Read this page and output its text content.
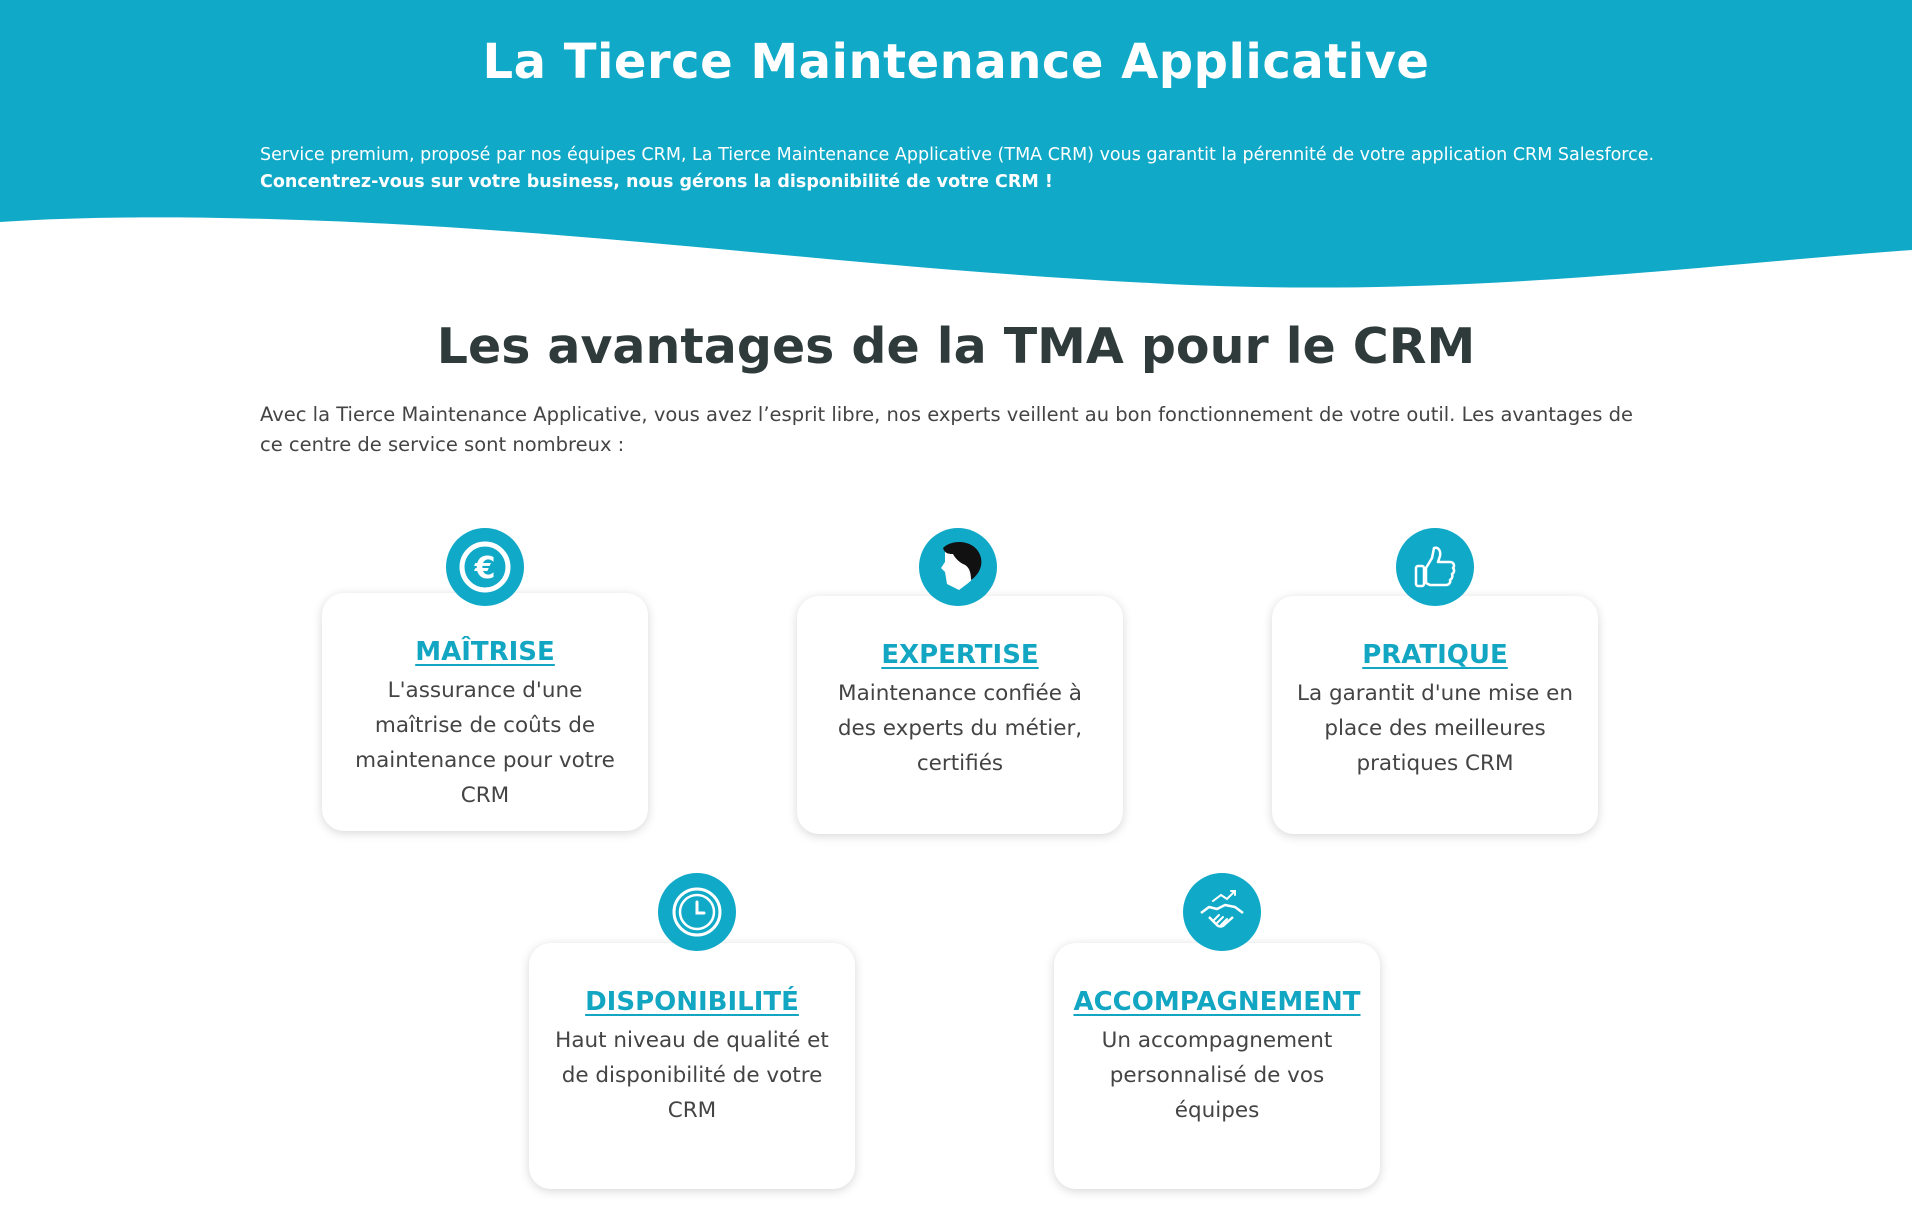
La Tierce Maintenance Applicative

Service premium, proposé par nos équipes CRM, La Tierce Maintenance Applicative (TMA CRM) vous garantit la pérennité de votre application CRM Salesforce.
Concentrez-vous sur votre business, nous gérons la disponibilité de votre CRM !

Les avantages de la TMA pour le CRM

Avec la Tierce Maintenance Applicative, vous avez l’esprit libre, nos experts veillent au bon fonctionnement de votre outil. Les avantages de ce centre de service sont nombreux :

MAÎTRISE
L'assurance d'une maîtrise de coûts de maintenance pour votre CRM
€
EXPERTISE
Maintenance confiée à des experts du métier, certifiés
PRATIQUE
La garantit d'une mise en place des meilleures pratiques CRM
DISPONIBILITÉ
Haut niveau de qualité et de disponibilité de votre CRM
ACCOMPAGNEMENT
Un accompagnement personnalisé de vos équipes
